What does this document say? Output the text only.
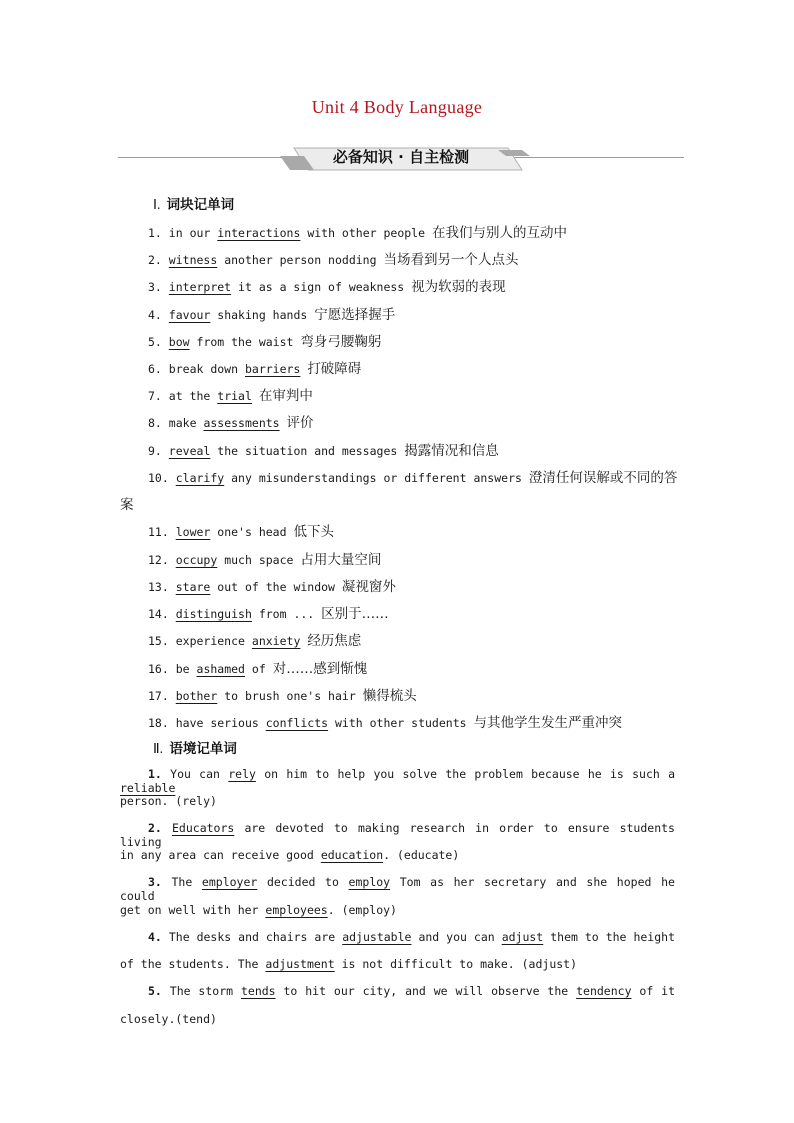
Unit 4 Body Language
必备知识 · 自主检测
Ⅰ. 词块记单词
1. in our interactions with other people 在我们与别人的互动中
2. witness another person nodding 当场看到另一个人点头
3. interpret it as a sign of weakness 视为软弱的表现
4. favour shaking hands 宁愿选择握手
5. bow from the waist 弯身弓腰鞠躬
6. break down barriers 打破障碍
7. at the trial 在审判中
8. make assessments 评价
9. reveal the situation and messages 揭露情况和信息
10. clarify any misunderstandings or different answers 澄清任何误解或不同的答
案
11. lower one's head 低下头
12. occupy much space 占用大量空间
13. stare out of the window 凝视窗外
14. distinguish from ... 区别于……
15. experience anxiety 经历焦虑
16. be ashamed of 对……感到惭愧
17. bother to brush one's hair 懒得梳头
18. have serious conflicts with other students 与其他学生发生严重冲突
Ⅱ. 语境记单词
1. You can rely on him to help you solve the problem because he is such a reliable
person. (rely)
2. Educators are devoted to making research in order to ensure students living
in any area can receive good education. (educate)
3. The employer decided to employ Tom as her secretary and she hoped he could
get on well with her employees. (employ)
4. The desks and chairs are adjustable and you can adjust them to the height
of the students. The adjustment is not difficult to make. (adjust)
5. The storm tends to hit our city, and we will observe the tendency of it
closely.(tend)
